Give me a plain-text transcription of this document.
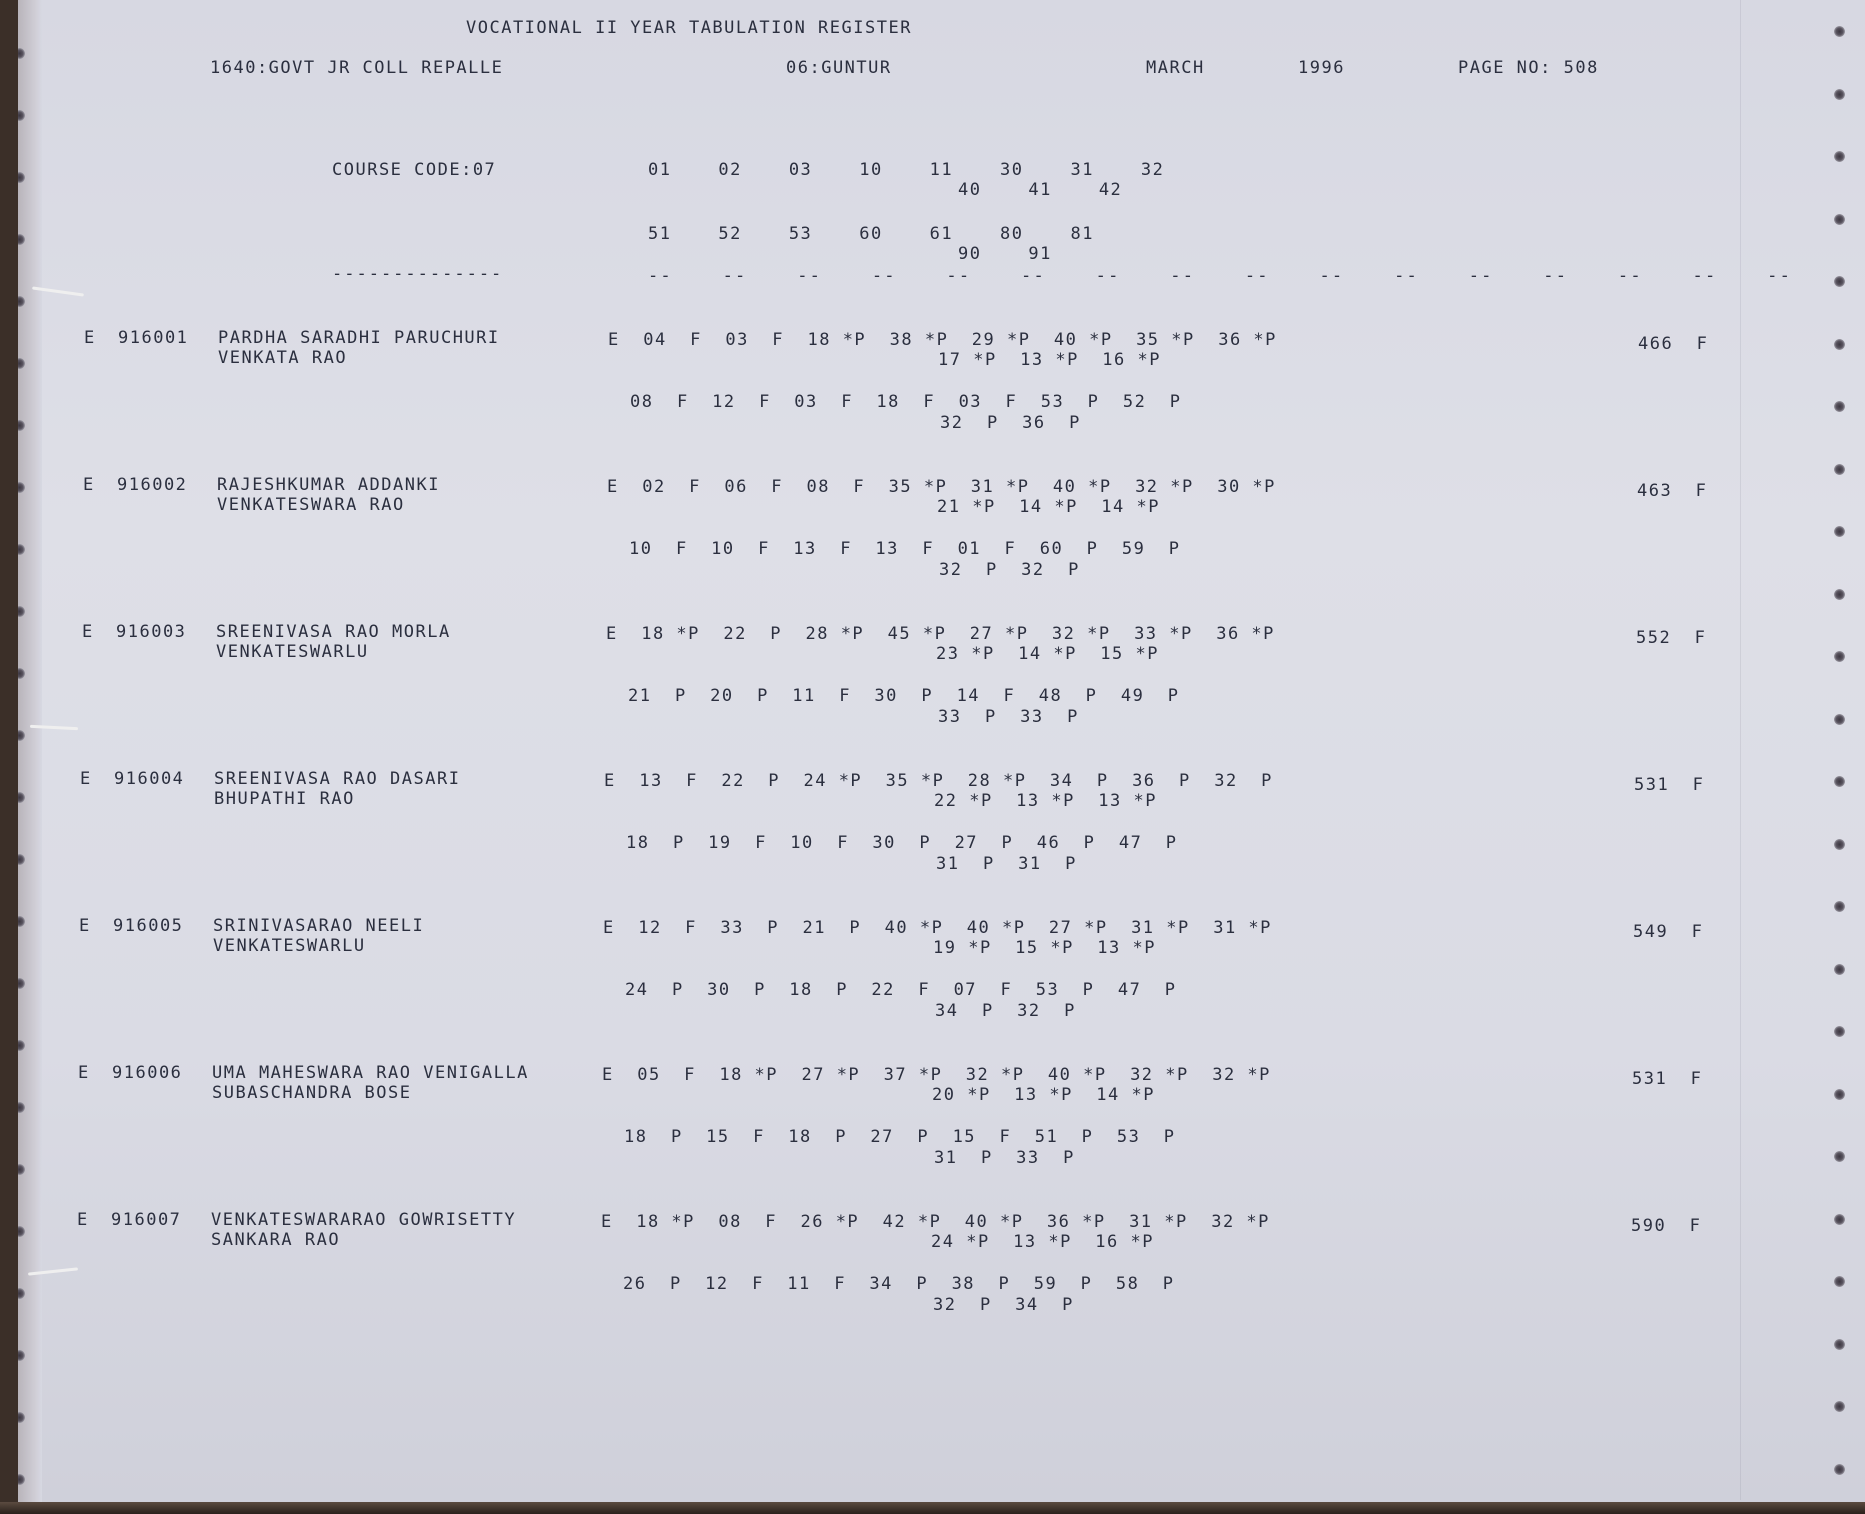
VOCATIONAL II YEAR TABULATION REGISTER
1640:GOVT JR COLL REPALLE	06:GUNTUR	MARCH	1996	PAGE NO: 508
COURSE CODE:07	01    02    03    10    11    30    31    32
40    41    42
51    52    53    60    61    80    81
90    91
--------------	--    --    --    --    --    --    --    --    --    --    --    --    --    --    --    --
E 916001 PARDHA SARADHI PARUCHURI
VENKATA RAO
E  04  F  03  F  18 *P  38 *P  29 *P  40 *P  35 *P  36 *P
17 *P  13 *P  16 *P
08  F  12  F  03  F  18  F  03  F  53  P  52  P
32  P  36  P
466  F
E 916002 RAJESHKUMAR ADDANKI
VENKATESWARA RAO
E  02  F  06  F  08  F  35 *P  31 *P  40 *P  32 *P  30 *P
21 *P  14 *P  14 *P
10  F  10  F  13  F  13  F  01  F  60  P  59  P
32  P  32  P
463  F
E 916003 SREENIVASA RAO MORLA
VENKATESWARLU
E  18 *P  22  P  28 *P  45 *P  27 *P  32 *P  33 *P  36 *P
23 *P  14 *P  15 *P
21  P  20  P  11  F  30  P  14  F  48  P  49  P
33  P  33  P
552  F
E 916004 SREENIVASA RAO DASARI
BHUPATHI RAO
E  13  F  22  P  24 *P  35 *P  28 *P  34  P  36  P  32  P
22 *P  13 *P  13 *P
18  P  19  F  10  F  30  P  27  P  46  P  47  P
31  P  31  P
531  F
E 916005 SRINIVASARAO NEELI
VENKATESWARLU
E  12  F  33  P  21  P  40 *P  40 *P  27 *P  31 *P  31 *P
19 *P  15 *P  13 *P
24  P  30  P  18  P  22  F  07  F  53  P  47  P
34  P  32  P
549  F
E 916006 UMA MAHESWARA RAO VENIGALLA
SUBASCHANDRA BOSE
E  05  F  18 *P  27 *P  37 *P  32 *P  40 *P  32 *P  32 *P
20 *P  13 *P  14 *P
18  P  15  F  18  P  27  P  15  F  51  P  53  P
31  P  33  P
531  F
E 916007 VENKATESWARARAO GOWRISETTY
SANKARA RAO
E  18 *P  08  F  26 *P  42 *P  40 *P  36 *P  31 *P  32 *P
24 *P  13 *P  16 *P
26  P  12  F  11  F  34  P  38  P  59  P  58  P
32  P  34  P
590  F
